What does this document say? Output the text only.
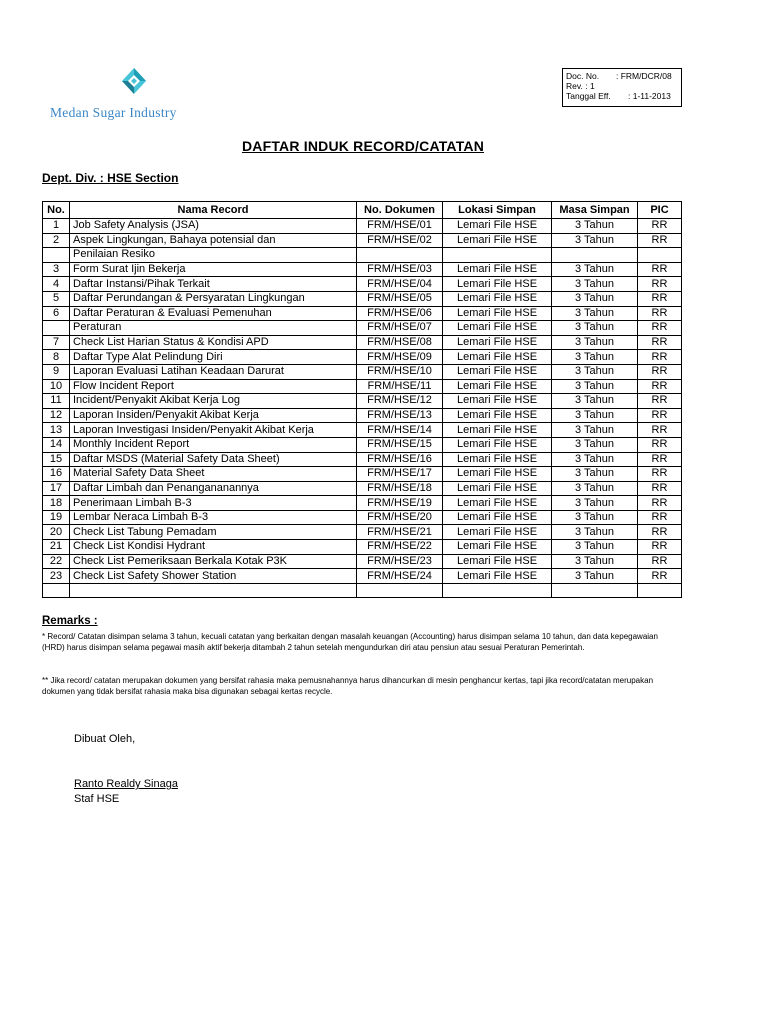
Medan Sugar Industry
Doc. No.	: FRM/DCR/08
Rev.
: 1
Tanggal Eff.	: 1-11-2013
DAFTAR INDUK RECORD/CATATAN
Dept. Div. : HSE Section
No.	Nama Record	No. Dokumen	Lokasi Simpan	Masa Simpan	PIC
1	Job Safety Analysis (JSA)	FRM/HSE/01	Lemari File HSE	3 Tahun	RR
2	Aspek Lingkungan, Bahaya potensial dan	FRM/HSE/02	Lemari File HSE	3 Tahun	RR
	Penilaian Resiko				
3	Form Surat Ijin Bekerja	FRM/HSE/03	Lemari File HSE	3 Tahun	RR
4	Daftar Instansi/Pihak Terkait	FRM/HSE/04	Lemari File HSE	3 Tahun	RR
5	Daftar Perundangan & Persyaratan Lingkungan	FRM/HSE/05	Lemari File HSE	3 Tahun	RR
6	Daftar Peraturan & Evaluasi Pemenuhan	FRM/HSE/06	Lemari File HSE	3 Tahun	RR
	Peraturan	FRM/HSE/07	Lemari File HSE	3 Tahun	RR
7	Check List Harian Status & Kondisi APD	FRM/HSE/08	Lemari File HSE	3 Tahun	RR
8	Daftar Type Alat Pelindung Diri	FRM/HSE/09	Lemari File HSE	3 Tahun	RR
9	Laporan Evaluasi Latihan Keadaan Darurat	FRM/HSE/10	Lemari File HSE	3 Tahun	RR
10	Flow Incident Report	FRM/HSE/11	Lemari File HSE	3 Tahun	RR
11	Incident/Penyakit Akibat Kerja Log	FRM/HSE/12	Lemari File HSE	3 Tahun	RR
12	Laporan Insiden/Penyakit Akibat Kerja	FRM/HSE/13	Lemari File HSE	3 Tahun	RR
13	Laporan Investigasi Insiden/Penyakit Akibat Kerja	FRM/HSE/14	Lemari File HSE	3 Tahun	RR
14	Monthly Incident Report	FRM/HSE/15	Lemari File HSE	3 Tahun	RR
15	Daftar MSDS (Material Safety Data Sheet)	FRM/HSE/16	Lemari File HSE	3 Tahun	RR
16	Material Safety Data Sheet	FRM/HSE/17	Lemari File HSE	3 Tahun	RR
17	Daftar Limbah dan Penangananannya	FRM/HSE/18	Lemari File HSE	3 Tahun	RR
18	Penerimaan Limbah B-3	FRM/HSE/19	Lemari File HSE	3 Tahun	RR
19	Lembar Neraca Limbah B-3	FRM/HSE/20	Lemari File HSE	3 Tahun	RR
20	Check List Tabung Pemadam	FRM/HSE/21	Lemari File HSE	3 Tahun	RR
21	Check List Kondisi Hydrant	FRM/HSE/22	Lemari File HSE	3 Tahun	RR
22	Check List Pemeriksaan Berkala Kotak P3K	FRM/HSE/23	Lemari File HSE	3 Tahun	RR
23	Check List Safety Shower Station	FRM/HSE/24	Lemari File HSE	3 Tahun	RR

Remarks :
* Record/ Catatan disimpan selama 3 tahun, kecuali catatan yang berkaitan dengan masalah keuangan (Accounting) harus disimpan selama 10 tahun, dan data kepegawaian (HRD) harus disimpan selama pegawai masih aktif bekerja ditambah 2 tahun setelah mengundurkan diri atau pensiun atau sesuai Peraturan Pemerintah.
** Jika record/ catatan merupakan dokumen yang bersifat rahasia maka pemusnahannya harus dihancurkan di mesin penghancur kertas, tapi jika record/catatan merupakan dokumen yang tidak bersifat rahasia maka bisa digunakan sebagai kertas recycle.
Dibuat Oleh,
Ranto Realdy Sinaga
Staf HSE
